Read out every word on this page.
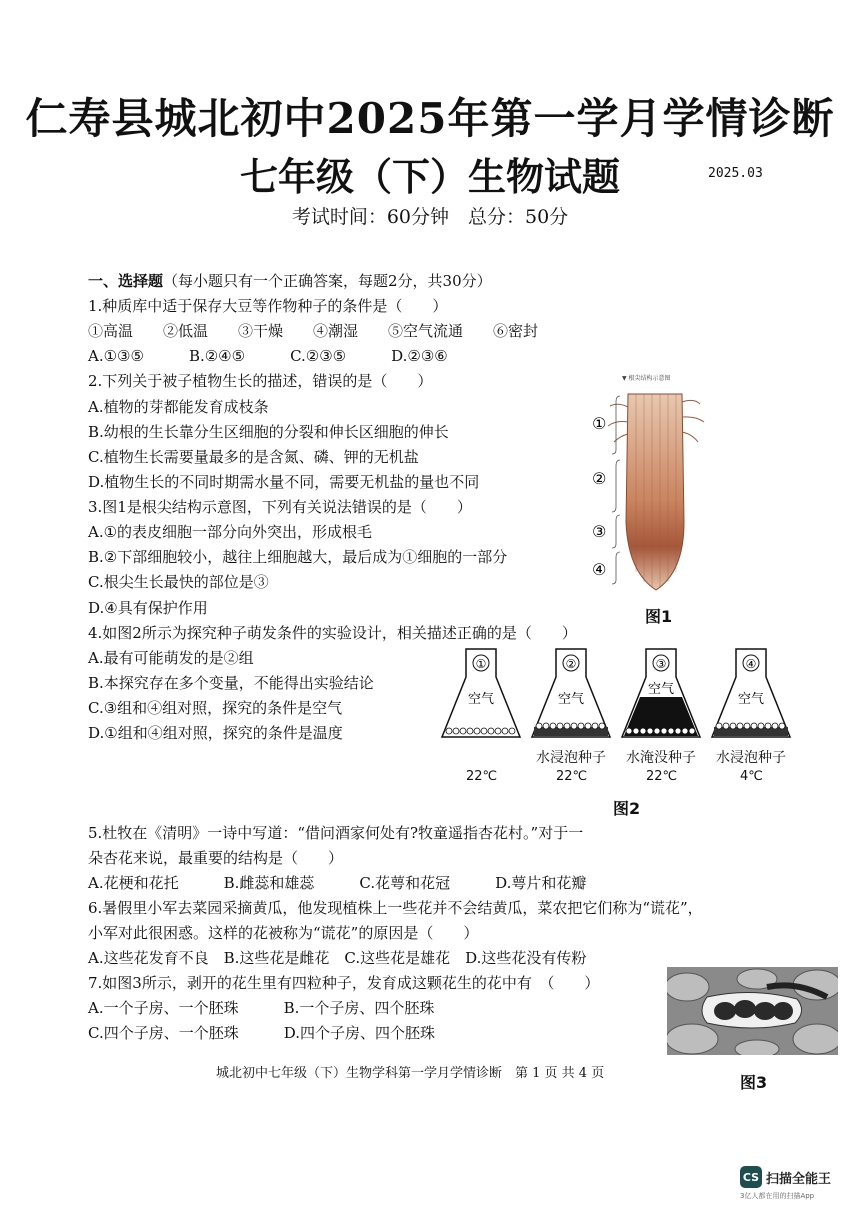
仁寿县城北初中2025年第一学月学情诊断
七年级（下）生物试题	2025.03
考试时间：60分钟　总分：50分
一、选择题（每小题只有一个正确答案，每题2分，共30分）
1.种质库中适于保存大豆等作物种子的条件是（　　）
①高温　　②低温　　③干燥　　④潮湿　　⑤空气流通　　⑥密封
A.①③⑤　　　B.②④⑤　　　C.②③⑤　　　D.②③⑥
2.下列关于被子植物生长的描述，错误的是（　　）
A.植物的芽都能发育成枝条
B.幼根的生长靠分生区细胞的分裂和伸长区细胞的伸长
C.植物生长需要量最多的是含氮、磷、钾的无机盐
D.植物生长的不同时期需水量不同，需要无机盐的量也不同
3.图1是根尖结构示意图，下列有关说法错误的是（　　）
A.①的表皮细胞一部分向外突出，形成根毛
B.②下部细胞较小，越往上细胞越大，最后成为①细胞的一部分
C.根尖生长最快的部位是③
D.④具有保护作用
4.如图2所示为探究种子萌发条件的实验设计，相关描述正确的是（　　）
A.最有可能萌发的是②组
B.本探究存在多个变量，不能得出实验结论
C.③组和④组对照，探究的条件是空气
D.①组和④组对照，探究的条件是温度
5.杜牧在《清明》一诗中写道：“借问酒家何处有?牧童遥指杏花村。”对于一
朵杏花来说，最重要的结构是（　　）
A.花梗和花托　　　B.雌蕊和雄蕊　　　C.花萼和花冠　　　D.萼片和花瓣
6.暑假里小军去菜园采摘黄瓜，他发现植株上一些花并不会结黄瓜，菜农把它们称为“谎花”，
小军对此很困惑。这样的花被称为“谎花”的原因是（　　）
A.这些花发育不良　B.这些花是雌花　C.这些花是雄花　D.这些花没有传粉
7.如图3所示，剥开的花生里有四粒种子，发育成这颗花生的花中有　（　　）
A.一个子房、一个胚珠　　　B.一个子房、四个胚珠
C.四个子房、一个胚珠　　　D.四个子房、四个胚珠
①
②
③
④
▼ 根尖结构示意图
图1
①
空气
②
空气
③
空气
④
空气
水浸泡种子	水淹没种子	水浸泡种子
22℃	22℃	22℃	4℃
图2
图3
城北初中七年级（下）生物学科第一学月学情诊断　第 1 页 共 4 页
CS 扫描全能王
3亿人都在用的扫描App
